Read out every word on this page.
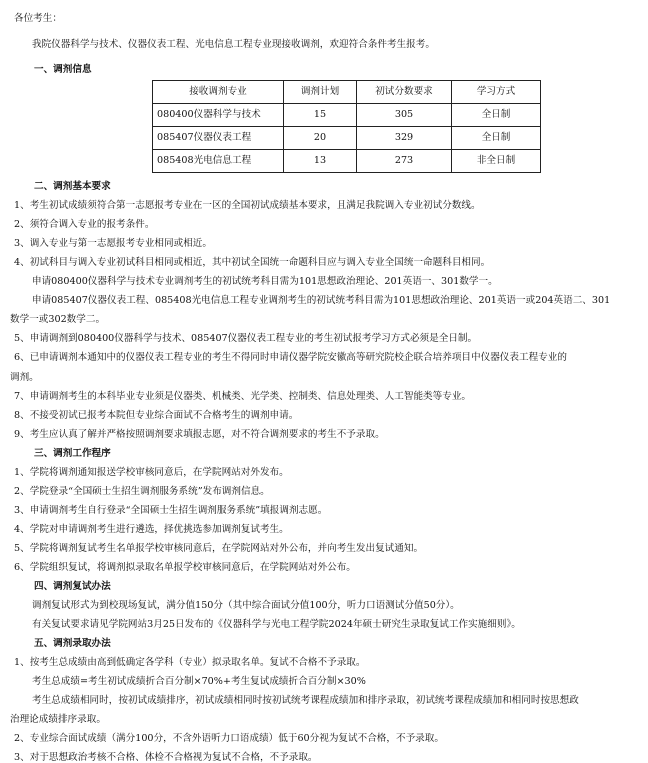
各位考生：
我院仪器科学与技术、仪器仪表工程、光电信息工程专业现接收调剂，欢迎符合条件考生报考。
一、调剂信息
接收调剂专业	调剂计划	初试分数要求	学习方式
080400仪器科学与技术	15	305	全日制
085407仪器仪表工程	20	329	全日制
085408光电信息工程	13	273	非全日制
二、调剂基本要求
1、考生初试成绩须符合第一志愿报考专业在一区的全国初试成绩基本要求，且满足我院调入专业初试分数线。
2、须符合调入专业的报考条件。
3、调入专业与第一志愿报考专业相同或相近。
4、初试科目与调入专业初试科目相同或相近，其中初试全国统一命题科目应与调入专业全国统一命题科目相同。
申请080400仪器科学与技术专业调剂考生的初试统考科目需为101思想政治理论、201英语一、301数学一。
申请085407仪器仪表工程、085408光电信息工程专业调剂考生的初试统考科目需为101思想政治理论、201英语一或204英语二、301
数学一或302数学二。
5、申请调剂到080400仪器科学与技术、085407仪器仪表工程专业的考生初试报考学习方式必须是全日制。
6、已申请调剂本通知中的仪器仪表工程专业的考生不得同时申请仪器学院安徽高等研究院校企联合培养项目中仪器仪表工程专业的
调剂。
7、申请调剂考生的本科毕业专业须是仪器类、机械类、光学类、控制类、信息处理类、人工智能类等专业。
8、不接受初试已报考本院但专业综合面试不合格考生的调剂申请。
9、考生应认真了解并严格按照调剂要求填报志愿，对不符合调剂要求的考生不予录取。
三、调剂工作程序
1、学院将调剂通知报送学校审核同意后，在学院网站对外发布。
2、学院登录“全国硕士生招生调剂服务系统”发布调剂信息。
3、申请调剂考生自行登录“全国硕士生招生调剂服务系统”填报调剂志愿。
4、学院对申请调剂考生进行遴选，择优挑选参加调剂复试考生。
5、学院将调剂复试考生名单报学校审核同意后，在学院网站对外公布，并向考生发出复试通知。
6、学院组织复试，将调剂拟录取名单报学校审核同意后，在学院网站对外公布。
四、调剂复试办法
调剂复试形式为到校现场复试，满分值150分（其中综合面试分值100分，听力口语测试分值50分）。
有关复试要求请见学院网站3月25日发布的《仪器科学与光电工程学院2024年硕士研究生录取复试工作实施细则》。
五、调剂录取办法
1、按考生总成绩由高到低确定各学科（专业）拟录取名单。复试不合格不予录取。
考生总成绩=考生初试成绩折合百分制×70%+考生复试成绩折合百分制×30%
考生总成绩相同时，按初试成绩排序，初试成绩相同时按初试统考课程成绩加和排序录取，初试统考课程成绩加和相同时按思想政
治理论成绩排序录取。
2、专业综合面试成绩（满分100分，不含外语听力口语成绩）低于60分视为复试不合格，不予录取。
3、对于思想政治考核不合格、体检不合格视为复试不合格，不予录取。
